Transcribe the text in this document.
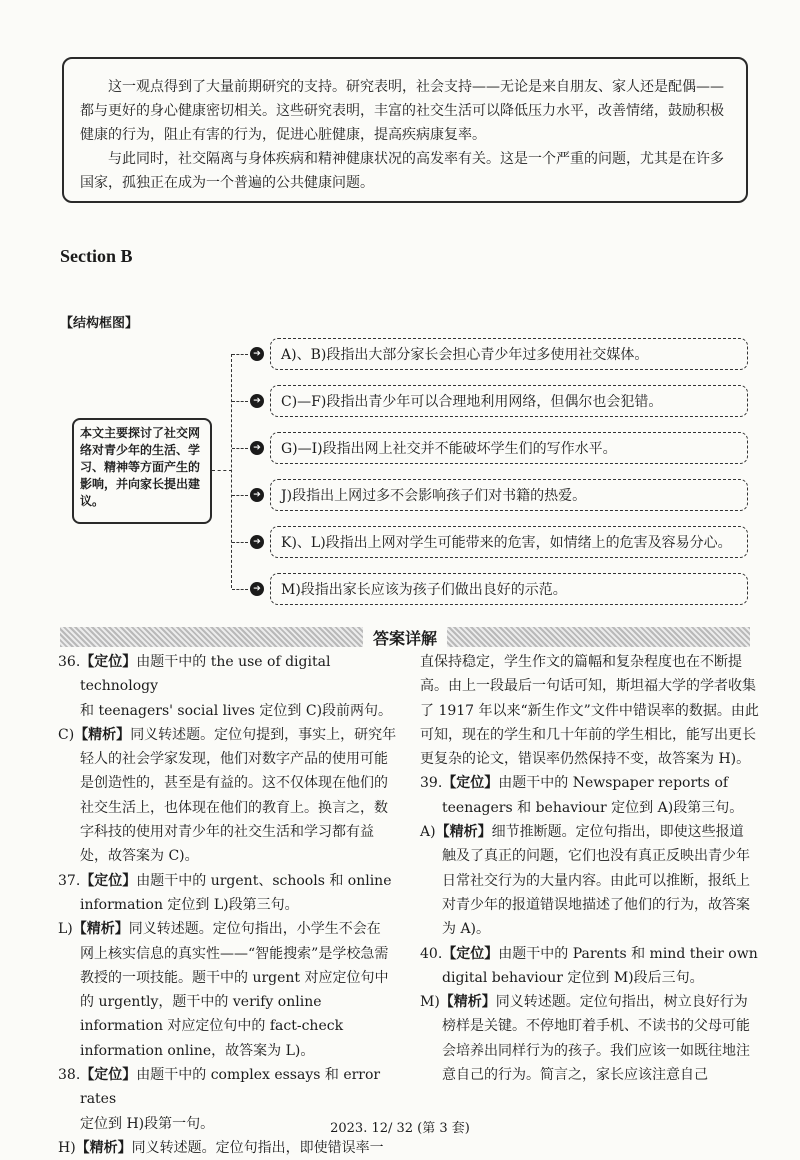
这一观点得到了大量前期研究的支持。研究表明，社会支持——无论是来自朋友、家人还是配偶——都与更好的身心健康密切相关。这些研究表明，丰富的社交生活可以降低压力水平，改善情绪，鼓励积极健康的行为，阻止有害的行为，促进心脏健康，提高疾病康复率。

与此同时，社交隔离与身体疾病和精神健康状况的高发率有关。这是一个严重的问题，尤其是在许多国家，孤独正在成为一个普遍的公共健康问题。

Section B
【结构框图】
本文主要探讨了社交网络对青少年的生活、学习、精神等方面产生的影响，并向家长提出建议。
➔	A)、B)段指出大部分家长会担心青少年过多使用社交媒体。
➔	C)—F)段指出青少年可以合理地利用网络，但偶尔也会犯错。
➔	G)—I)段指出网上社交并不能破坏学生们的写作水平。
➔	J)段指出上网过多不会影响孩子们对书籍的热爱。
➔	K)、L)段指出上网对学生可能带来的危害，如情绪上的危害及容易分心。
➔	M)段指出家长应该为孩子们做出良好的示范。
答案详解

36.【定位】由题干中的 the use of digital technology

和 teenagers' social lives 定位到 C)段前两句。

C)【精析】同义转述题。定位句提到，事实上，研究年

轻人的社会学家发现，他们对数字产品的使用可能是创造性的，甚至是有益的。这不仅体现在他们的社交生活上，也体现在他们的教育上。换言之，数字科技的使用对青少年的社交生活和学习都有益处，故答案为 C)。

37.【定位】由题干中的 urgent、schools 和 online

information 定位到 L)段第三句。

L)【精析】同义转述题。定位句指出，小学生不会在

网上核实信息的真实性——“智能搜索”是学校急需教授的一项技能。题干中的 urgent 对应定位句中的 urgently，题干中的 verify online information 对应定位句中的 fact-check information online，故答案为 L)。

38.【定位】由题干中的 complex essays 和 error rates

定位到 H)段第一句。

H)【精析】同义转述题。定位句指出，即使错误率一

直保持稳定，学生作文的篇幅和复杂程度也在不断提高。由上一段最后一句话可知，斯坦福大学的学者收集了 1917 年以来“新生作文”文件中错误率的数据。由此可知，现在的学生和几十年前的学生相比，能写出更长更复杂的论文，错误率仍然保持不变，故答案为 H)。

39.【定位】由题干中的 Newspaper reports of

teenagers 和 behaviour 定位到 A)段第三句。

A)【精析】细节推断题。定位句指出，即使这些报道

触及了真正的问题，它们也没有真正反映出青少年日常社交行为的大量内容。由此可以推断，报纸上对青少年的报道错误地描述了他们的行为，故答案为 A)。

40.【定位】由题干中的 Parents 和 mind their own

digital behaviour 定位到 M)段后三句。

M)【精析】同义转述题。定位句指出，树立良好行为

榜样是关键。不停地盯着手机、不读书的父母可能会培养出同样行为的孩子。我们应该一如既往地注意自己的行为。简言之，家长应该注意自己

2023. 12/ 32 (第 3 套)
